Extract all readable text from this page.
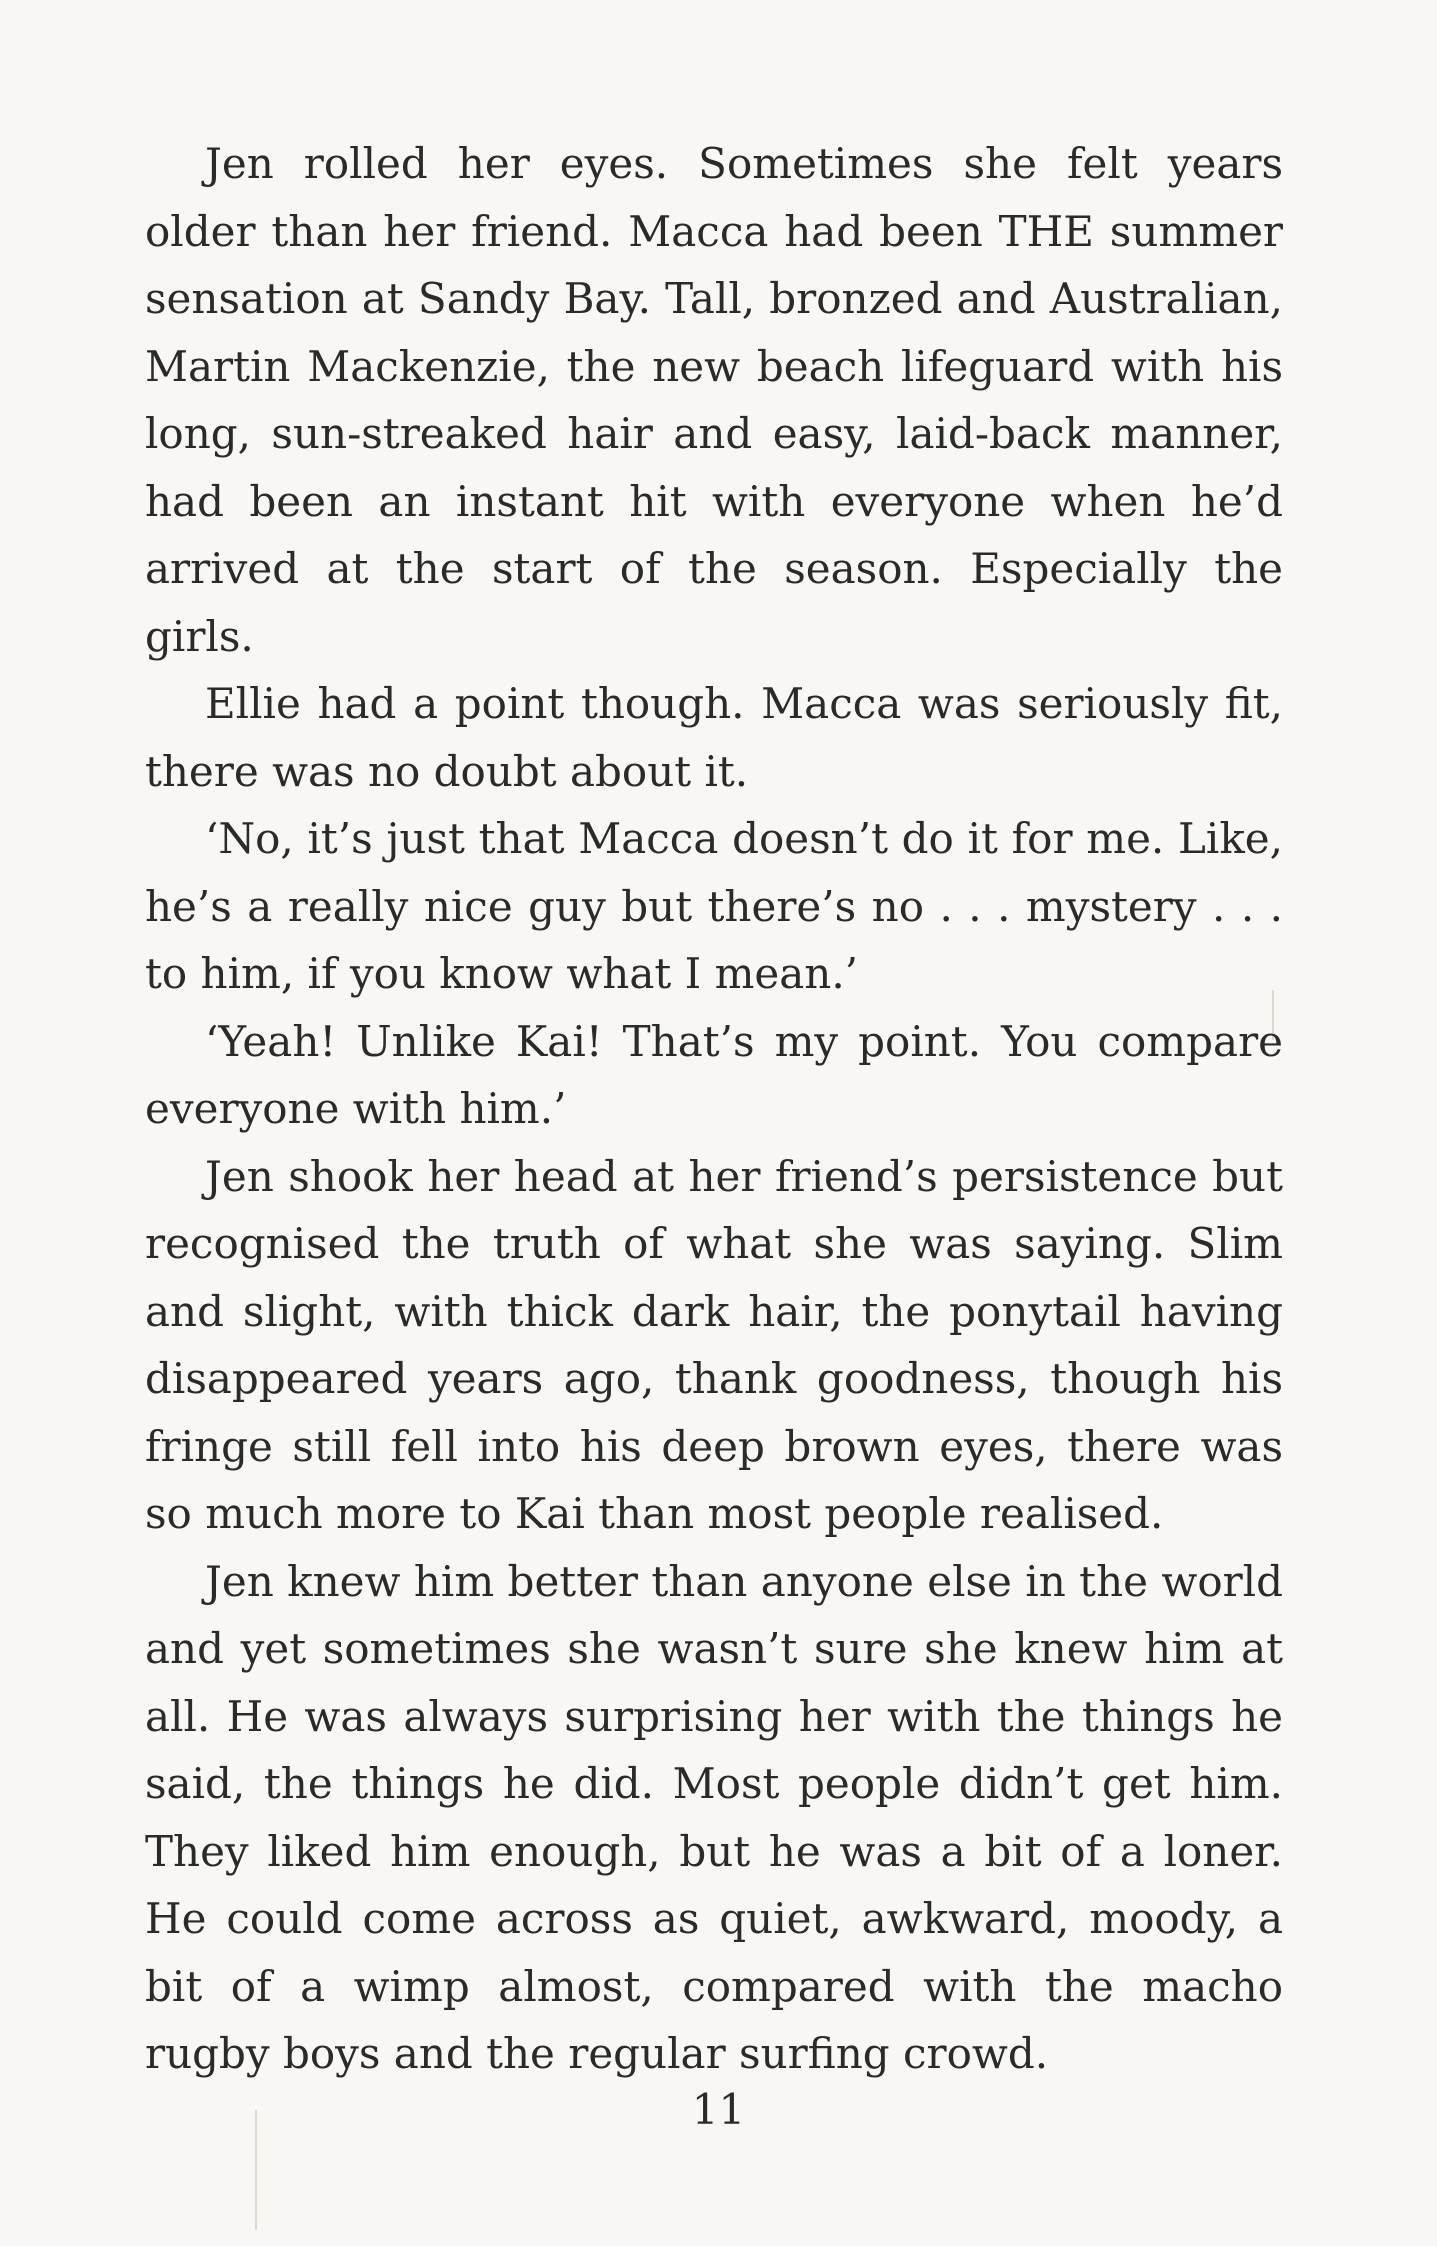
Jen rolled her eyes. Sometimes she felt years older than her friend. Macca had been THE summer sensation at Sandy Bay. Tall, bronzed and Australian, Martin Mackenzie, the new beach lifeguard with his long, sun-streaked hair and easy, laid-back manner, had been an instant hit with everyone when he’d arrived at the start of the season. Especially the girls.

Ellie had a point though. Macca was seriously fit, there was no doubt about it.

‘No, it’s just that Macca doesn’t do it for me. Like, he’s a really nice guy but there’s no . . . mystery . . . to him, if you know what I mean.’

‘Yeah! Unlike Kai! That’s my point. You compare everyone with him.’

Jen shook her head at her friend’s persistence but recognised the truth of what she was saying. Slim and slight, with thick dark hair, the ponytail having disappeared years ago, thank goodness, though his fringe still fell into his deep brown eyes, there was so much more to Kai than most people realised.

Jen knew him better than anyone else in the world and yet sometimes she wasn’t sure she knew him at all. He was always surprising her with the things he said, the things he did. Most people didn’t get him. They liked him enough, but he was a bit of a loner. He could come across as quiet, awkward, moody, a bit of a wimp almost, compared with the macho rugby boys and the regular surfing crowd.

11
